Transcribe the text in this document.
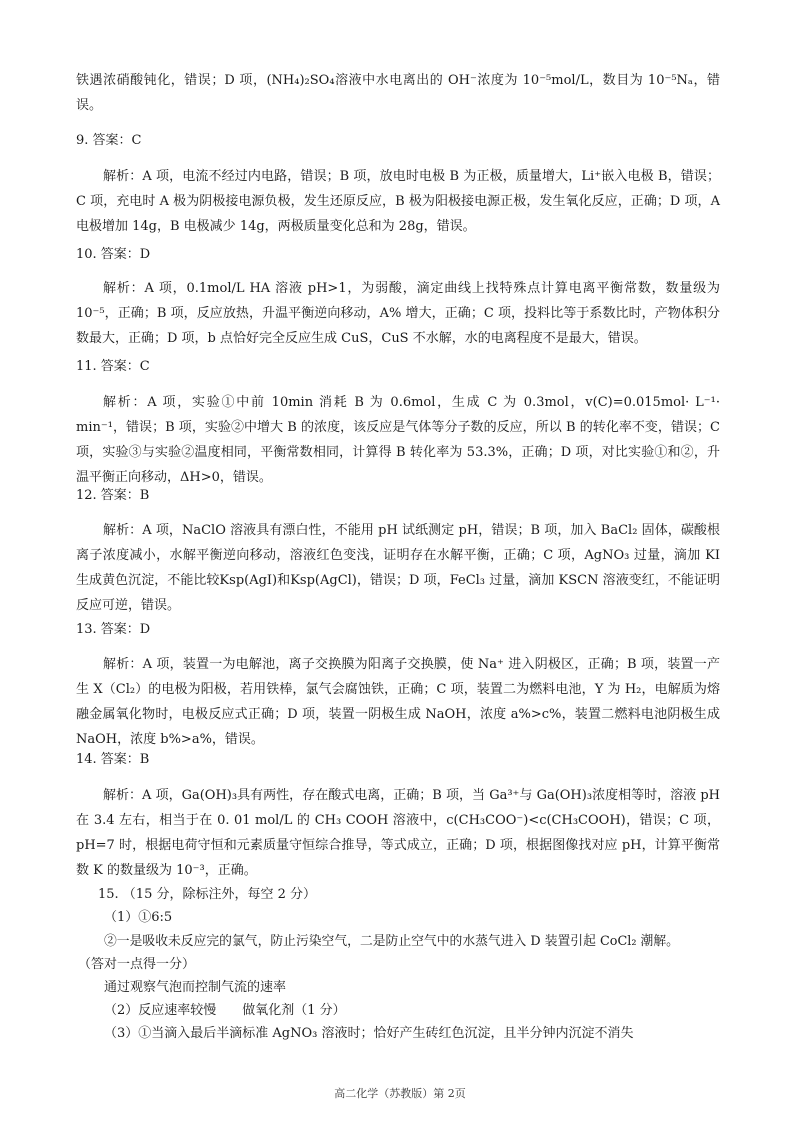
铁遇浓硝酸钝化，错误；D 项，(NH₄)₂SO₄溶液中水电离出的 OH⁻浓度为 10⁻⁵mol/L，数目为 10⁻⁵Nₐ，错误。

9. 答案：C

解析：A 项，电流不经过内电路，错误；B 项，放电时电极 B 为正极，质量增大，Li⁺嵌入电极 B，错误；C 项，充电时 A 极为阴极接电源负极，发生还原反应，B 极为阳极接电源正极，发生氧化反应，正确；D 项，A 电极增加 14g，B 电极减少 14g，两极质量变化总和为 28g，错误。

10. 答案：D

解析：A 项，0.1mol/L HA 溶液 pH>1，为弱酸，滴定曲线上找特殊点计算电离平衡常数，数量级为 10⁻⁵，正确；B 项，反应放热，升温平衡逆向移动，A% 增大，正确；C 项，投料比等于系数比时，产物体积分数最大，正确；D 项，b 点恰好完全反应生成 CuS，CuS 不水解，水的电离程度不是最大，错误。

11. 答案：C

解析：A 项，实验①中前 10min 消耗 B 为 0.6mol，生成 C 为 0.3mol，v(C)=0.015mol· L⁻¹· min⁻¹，错误；B 项，实验②中增大 B 的浓度，该反应是气体等分子数的反应，所以 B 的转化率不变，错误；C 项，实验③与实验②温度相同，平衡常数相同，计算得 B 转化率为 53.3%，正确；D 项，对比实验①和②，升温平衡正向移动，ΔH>0，错误。

12. 答案：B

解析：A 项，NaClO 溶液具有漂白性，不能用 pH 试纸测定 pH，错误；B 项，加入 BaCl₂ 固体，碳酸根离子浓度减小，水解平衡逆向移动，溶液红色变浅，证明存在水解平衡，正确；C 项，AgNO₃ 过量，滴加 KI 生成黄色沉淀，不能比较Ksp(AgI)和Ksp(AgCl)，错误；D 项，FeCl₃ 过量，滴加 KSCN 溶液变红，不能证明反应可逆，错误。

13. 答案：D

解析：A 项，装置一为电解池，离子交换膜为阳离子交换膜，使 Na⁺ 进入阴极区，正确；B 项，装置一产生 X（Cl₂）的电极为阳极，若用铁棒，氯气会腐蚀铁，正确；C 项，装置二为燃料电池，Y 为 H₂，电解质为熔融金属氧化物时，电极反应式正确；D 项，装置一阴极生成 NaOH，浓度 a%>c%，装置二燃料电池阴极生成 NaOH，浓度 b%>a%，错误。

14. 答案：B

解析：A 项，Ga(OH)₃具有两性，存在酸式电离，正确；B 项，当 Ga³⁺与 Ga(OH)₃浓度相等时，溶液 pH 在 3.4 左右，相当于在 0. 01 mol/L 的 CH₃ COOH 溶液中，c(CH₃COO⁻)<c(CH₃COOH)，错误；C 项，pH=7 时，根据电荷守恒和元素质量守恒综合推导，等式成立，正确；D 项，根据图像找对应 pH，计算平衡常数 K 的数量级为 10⁻³，正确。

15. （15 分，除标注外，每空 2 分）

（1）①6:5

②一是吸收未反应完的氯气，防止污染空气，二是防止空气中的水蒸气进入 D 装置引起 CoCl₂ 潮解。

（答对一点得一分）

通过观察气泡而控制气流的速率

（2）反应速率较慢　　做氧化剂（1 分）

（3）①当滴入最后半滴标准 AgNO₃ 溶液时；恰好产生砖红色沉淀，且半分钟内沉淀不消失

高二化学（苏教版）第 2页
